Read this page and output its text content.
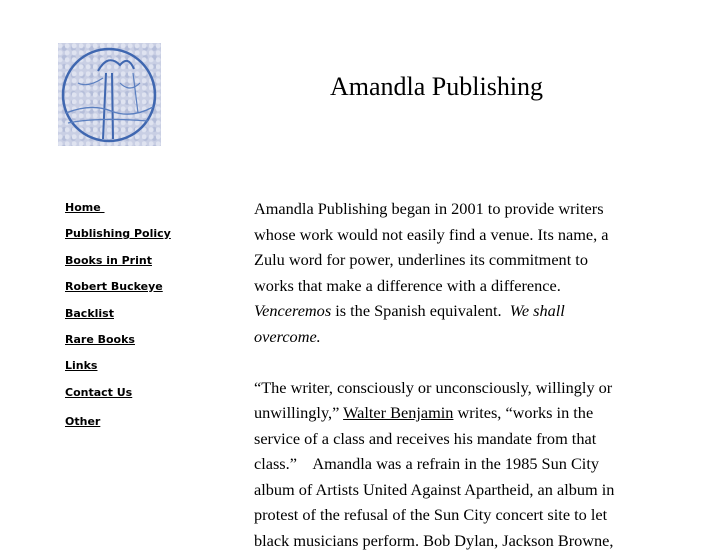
Amandla Publishing
Home
Publishing Policy
Books in Print
Robert Buckeye
Backlist
Rare Books
Links
Contact Us
Other
Amandla Publishing began in 2001 to provide writers
whose work would not easily find a venue. Its name, a
Zulu word for power, underlines its commitment to
works that make a difference with a difference.
Venceremos is the Spanish equivalent.  We shall
overcome.
“The writer, consciously or unconsciously, willingly or
unwillingly,” Walter Benjamin writes, “works in the
service of a class and receives his mandate from that
class.”    Amandla was a refrain in the 1985 Sun City
album of Artists United Against Apartheid, an album in
protest of the refusal of the Sun City concert site to let
black musicians perform. Bob Dylan, Jackson Browne,
